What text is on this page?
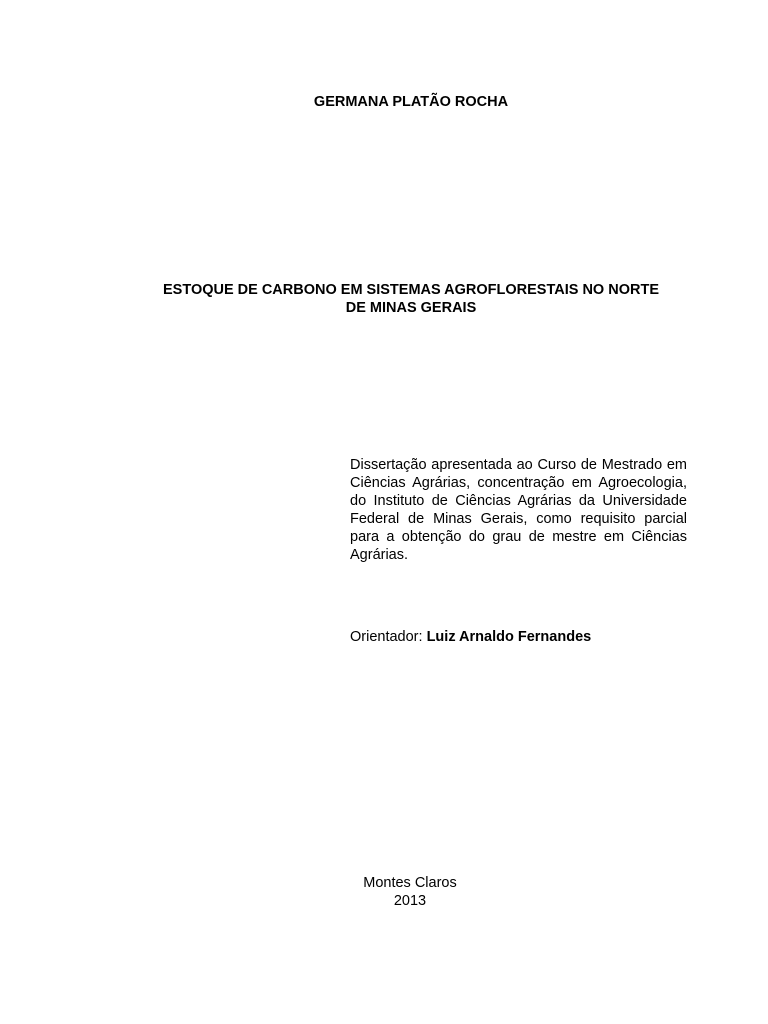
GERMANA PLATÃO ROCHA
ESTOQUE DE CARBONO EM SISTEMAS AGROFLORESTAIS NO NORTE
DE MINAS GERAIS
Dissertação apresentada ao Curso de Mestrado em Ciências Agrárias, concentração em Agroecologia, do Instituto de Ciências Agrárias da Universidade Federal de Minas Gerais, como requisito parcial para a obtenção do grau de mestre em Ciências Agrárias.
Orientador: Luiz Arnaldo Fernandes
Montes Claros
2013
